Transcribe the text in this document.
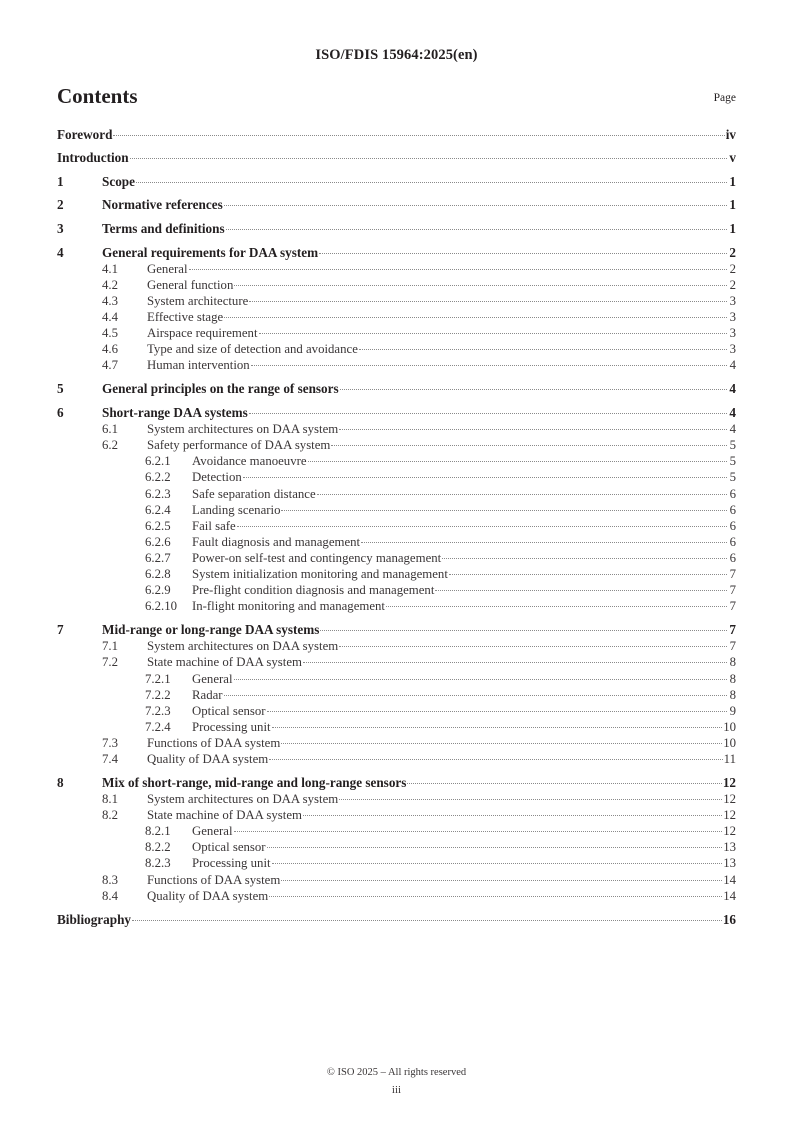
ISO/FDIS 15964:2025(en)
Contents	Page
Foreword	iv
Introduction	v
1	Scope	1
2	Normative references	1
3	Terms and definitions	1
4	General requirements for DAA system	2
4.1	General	2
4.2	General function	2
4.3	System architecture	3
4.4	Effective stage	3
4.5	Airspace requirement	3
4.6	Type and size of detection and avoidance	3
4.7	Human intervention	4
5	General principles on the range of sensors	4
6	Short-range DAA systems	4
6.1	System architectures on DAA system	4
6.2	Safety performance of DAA system	5
6.2.1	Avoidance manoeuvre	5
6.2.2	Detection	5
6.2.3	Safe separation distance	6
6.2.4	Landing scenario	6
6.2.5	Fail safe	6
6.2.6	Fault diagnosis and management	6
6.2.7	Power-on self-test and contingency management	6
6.2.8	System initialization monitoring and management	7
6.2.9	Pre-flight condition diagnosis and management	7
6.2.10	In-flight monitoring and management	7
7	Mid-range or long-range DAA systems	7
7.1	System architectures on DAA system	7
7.2	State machine of DAA system	8
7.2.1	General	8
7.2.2	Radar	8
7.2.3	Optical sensor	9
7.2.4	Processing unit	10
7.3	Functions of DAA system	10
7.4	Quality of DAA system	11
8	Mix of short-range, mid-range and long-range sensors	12
8.1	System architectures on DAA system	12
8.2	State machine of DAA system	12
8.2.1	General	12
8.2.2	Optical sensor	13
8.2.3	Processing unit	13
8.3	Functions of DAA system	14
8.4	Quality of DAA system	14
Bibliography	16
© ISO 2025 – All rights reserved
iii
